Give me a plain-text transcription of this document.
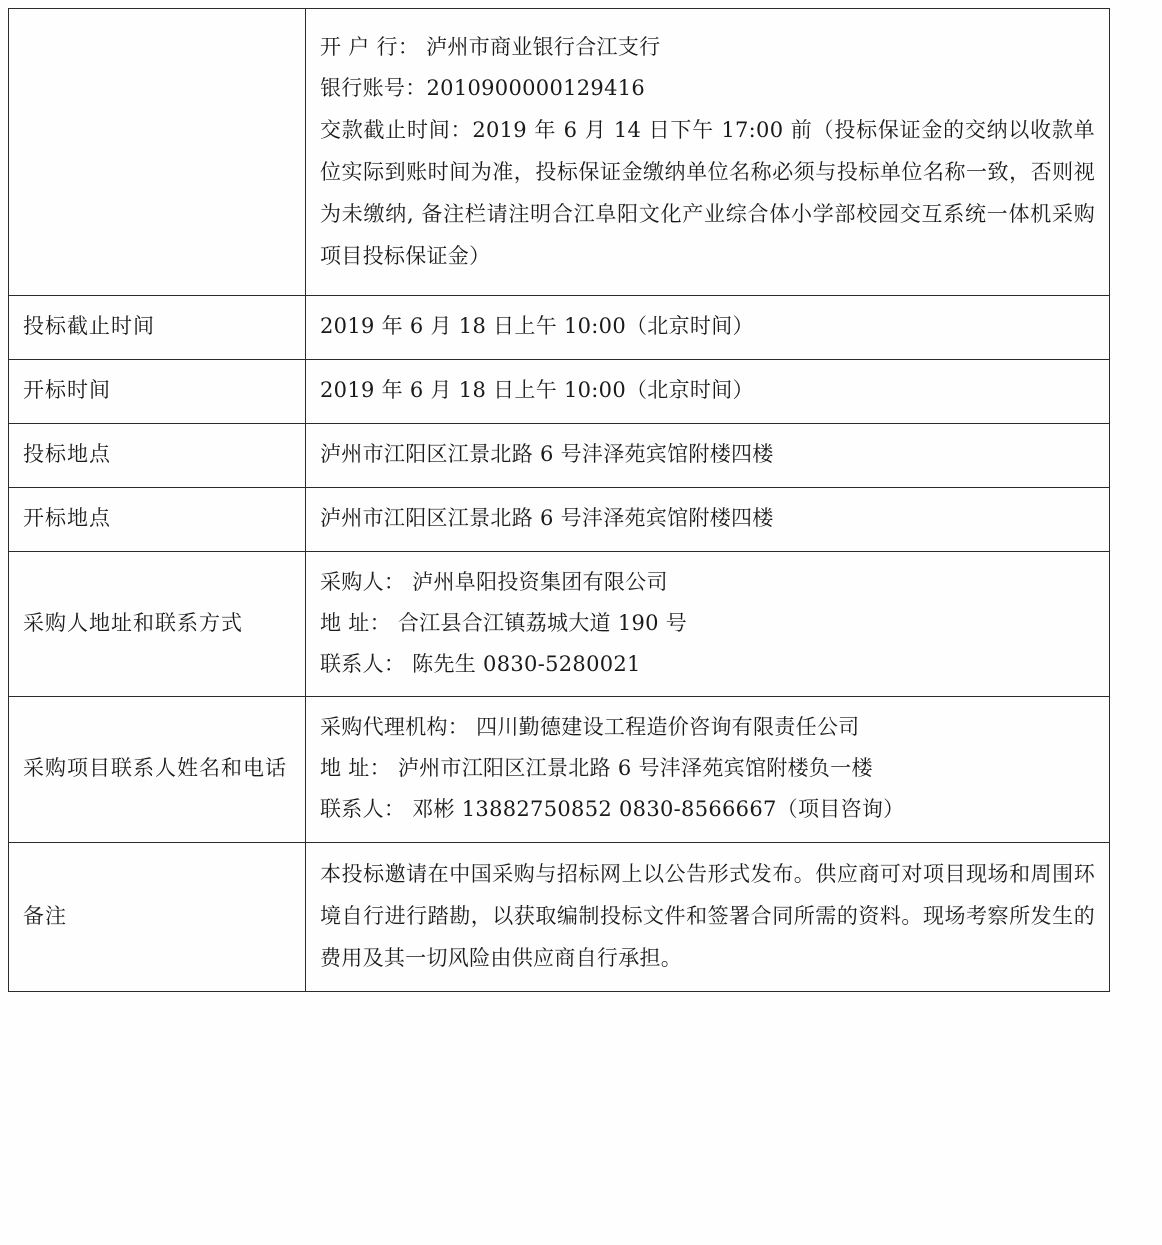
	开 户 行： 泸州市商业银行合江支行
银行账号：2010900000129416
交款截止时间：2019 年 6 月 14 日下午 17:00 前（投标保证金的交纳以收款单位实际到账时间为准，投标保证金缴纳单位名称必须与投标单位名称一致，否则视为未缴纳, 备注栏请注明合江阜阳文化产业综合体小学部校园交互系统一体机采购项目投标保证金）

投标截止时间	2019 年 6 月 18 日上午 10:00（北京时间）

开标时间	2019 年 6 月 18 日上午 10:00（北京时间）

投标地点	泸州市江阳区江景北路 6 号沣泽苑宾馆附楼四楼

开标地点	泸州市江阳区江景北路 6 号沣泽苑宾馆附楼四楼

采购人地址和联系方式	采购人： 泸州阜阳投资集团有限公司
地 址： 合江县合江镇荔城大道 190 号
联系人： 陈先生 0830-5280021

采购项目联系人姓名和电话	采购代理机构： 四川勤德建设工程造价咨询有限责任公司
地 址： 泸州市江阳区江景北路 6 号沣泽苑宾馆附楼负一楼
联系人： 邓彬 13882750852 0830-8566667（项目咨询）

备注	本投标邀请在中国采购与招标网上以公告形式发布。供应商可对项目现场和周围环境自行进行踏勘，以获取编制投标文件和签署合同所需的资料。现场考察所发生的费用及其一切风险由供应商自行承担。
